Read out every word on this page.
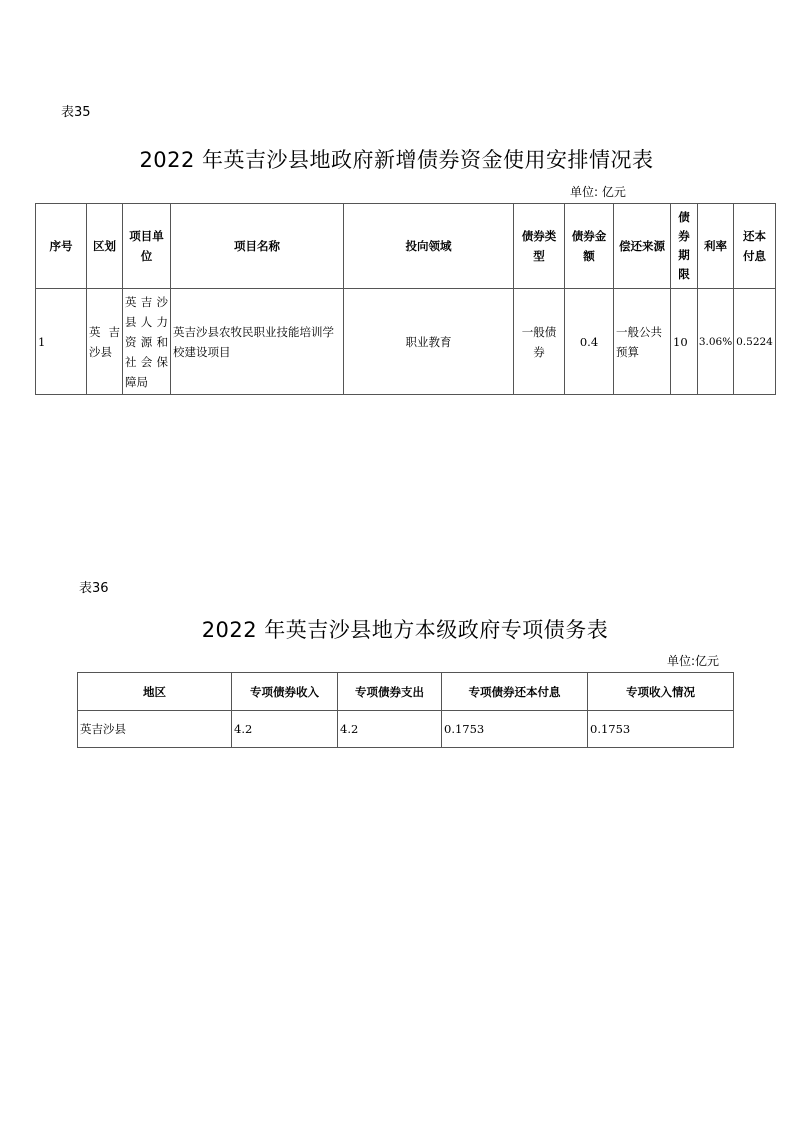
表35
2022 年英吉沙县地政府新增债券资金使用安排情况表
单位: 亿元
序号	区划	项目单位	项目名称	投向领域	债券类型	债券金额	偿还来源	债券期限	利率	还本付息
1	英 吉 沙县	英 吉 沙 县 人 力 资 源 和 社 会 保 障局	英吉沙县农牧民职业技能培训学校建设项目	职业教育	一般债券	0.4	一般公共预算	10	3.06%	0.5224
表36
2022 年英吉沙县地方本级政府专项债务表
单位:亿元
地区	专项债券收入	专项债券支出	专项债券还本付息	专项收入情况
英吉沙县	4.2	4.2	0.1753	0.1753
